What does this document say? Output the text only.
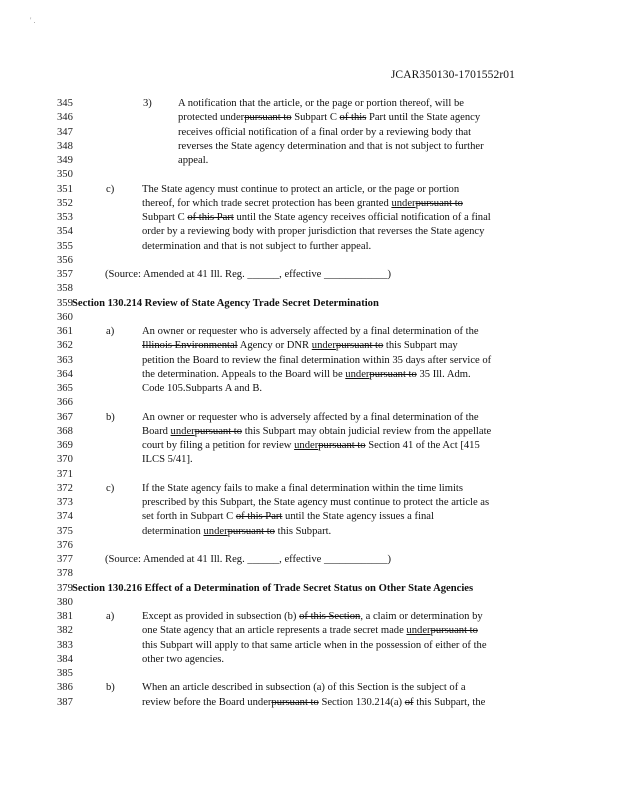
' .
JCAR350130-1701552r01
345	3) A notification that the article, or the page or portion thereof, will be
346	protected underpursuant to Subpart C of this Part until the State agency
347	receives official notification of a final order by a reviewing body that
348	reverses the State agency determination and that is not subject to further
349	appeal.
350
351	c)	The State agency must continue to protect an article, or the page or portion
352	thereof, for which trade secret protection has been granted underpursuant to
353	Subpart C of this Part until the State agency receives official notification of a final
354	order by a reviewing body with proper jurisdiction that reverses the State agency
355	determination and that is not subject to further appeal.
356
357	(Source: Amended at 41 Ill. Reg. ______, effective ____________)
358
359 Section 130.214 Review of State Agency Trade Secret Determination
360
361	a)	An owner or requester who is adversely affected by a final determination of the
362	Illinois Environmental Agency or DNR underpursuant to this Subpart may
363	petition the Board to review the final determination within 35 days after service of
364	the determination. Appeals to the Board will be underpursuant to 35 Ill. Adm.
365	Code 105.Subparts A and B.
366
367	b)	An owner or requester who is adversely affected by a final determination of the
368	Board underpursuant to this Subpart may obtain judicial review from the appellate
369	court by filing a petition for review underpursuant to Section 41 of the Act [415
370	ILCS 5/41].
371
372	c)	If the State agency fails to make a final determination within the time limits
373	prescribed by this Subpart, the State agency must continue to protect the article as
374	set forth in Subpart C of this Part until the State agency issues a final
375	determination underpursuant to this Subpart.
376
377	(Source: Amended at 41 Ill. Reg. ______, effective ____________)
378
379 Section 130.216 Effect of a Determination of Trade Secret Status on Other State Agencies
380
381	a)	Except as provided in subsection (b) of this Section, a claim or determination by
382	one State agency that an article represents a trade secret made underpursuant to
383	this Subpart will apply to that same article when in the possession of either of the
384	other two agencies.
385
386	b)	When an article described in subsection (a) of this Section is the subject of a
387	review before the Board underpursuant to Section 130.214(a) of this Subpart, the
